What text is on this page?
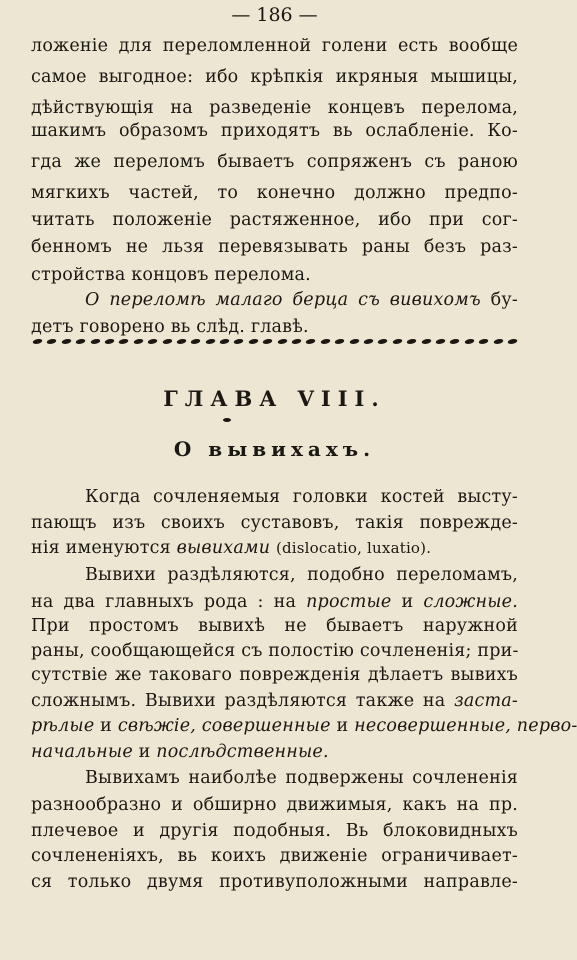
— 186 —
ложеніе для переломленной голени есть вообще
самое выгодное: ибо крѣпкія икряныя мышицы,
дѣйствующія на разведеніе концевъ перелома,
шакимъ образомъ приходятъ вь ослабленіе. Ко-
гда же переломъ бываетъ сопряженъ съ раною
мягкихъ частей, то конечно должно предпо-
читать положеніе растяженное, ибо при сог-
бенномъ не льзя перевязывать раны безъ раз-
стройства концовъ перелома.
О переломѣ малаго берца съ вивихомъ бу-
детъ говорено вь слѣд. главѣ.
ГЛАВА VIII.
О вывихахъ.
Когда сочленяемыя головки костей высту-
пающъ изъ своихъ суставовъ, такія поврежде-
нія именуются вывихами (dislocatio, luxatio).
Вывихи раздѣляются, подобно переломамъ,
на два главныхъ рода : на простые и сложные.
При простомъ вывихѣ не бываетъ наружной
раны, сообщающейся съ полостію сочлененія; при-
сутствіе же таковаго поврежденія дѣлаетъ вывихъ
сложнымъ. Вывихи раздѣляются также на заста-
рѣлые и свѣжіе, совершенные и несовершенные, перво-
начальные и послѣдственные.
Вывихамъ наиболѣе подвержены сочлененія
разнообразно и обширно движимыя, какъ на пр.
плечевое и другія подобныя. Вь блоковидныхъ
сочлененіяхъ, вь коихъ движеніе ограничивает-
ся только двумя противуположными направле-
